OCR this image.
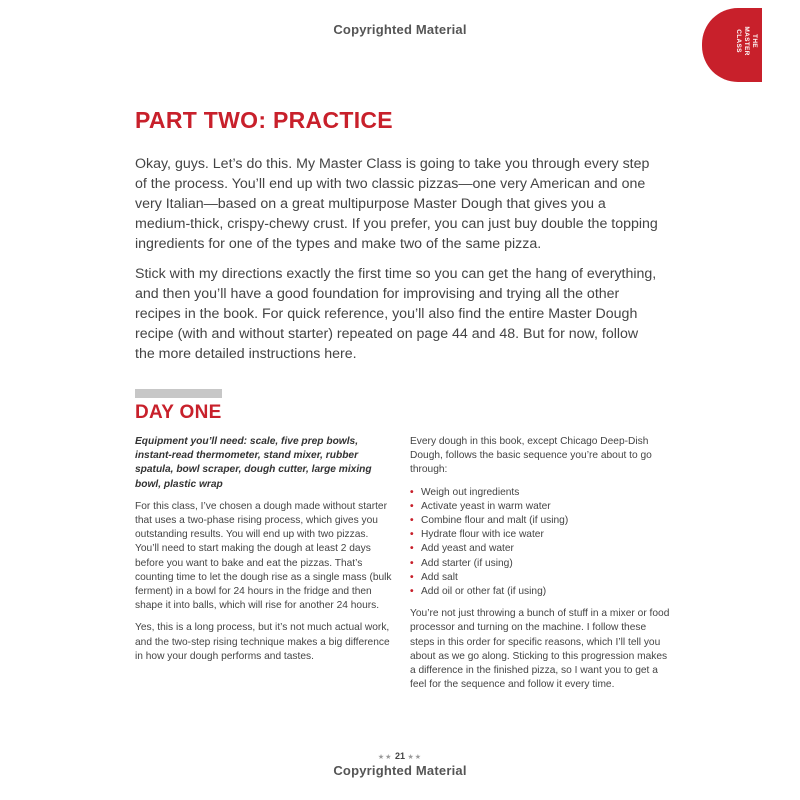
Copyrighted Material
THE MASTER CLASS
PART TWO: PRACTICE

Okay, guys. Let’s do this. My Master Class is going to take you through every step of the process. You’ll end up with two classic pizzas—one very American and one very Italian—based on a great multipurpose Master Dough that gives you a medium-thick, crispy-chewy crust. If you prefer, you can just buy double the topping ingredients for one of the types and make two of the same pizza.

Stick with my directions exactly the first time so you can get the hang of everything, and then you’ll have a good foundation for improvising and trying all the other recipes in the book. For quick reference, you’ll also find the entire Master Dough recipe (with and without starter) repeated on page 44 and 48. But for now, follow the more detailed instructions here.

DAY ONE

Equipment you’ll need: scale, five prep bowls, instant-read thermometer, stand mixer, rubber spatula, bowl scraper, dough cutter, large mixing bowl, plastic wrap

For this class, I’ve chosen a dough made without starter that uses a two-phase rising process, which gives you outstanding results. You will end up with two pizzas. You’ll need to start making the dough at least 2 days before you want to bake and eat the pizzas. That’s counting time to let the dough rise as a single mass (bulk ferment) in a bowl for 24 hours in the fridge and then shape it into balls, which will rise for another 24 hours.

Yes, this is a long process, but it’s not much actual work, and the two-step rising technique makes a big difference in how your dough performs and tastes.

Every dough in this book, except Chicago Deep-Dish Dough, follows the basic sequence you’re about to go through:

• Weigh out ingredients
• Activate yeast in warm water
• Combine flour and malt (if using)
• Hydrate flour with ice water
• Add yeast and water
• Add starter (if using)
• Add salt
• Add oil or other fat (if using)

You’re not just throwing a bunch of stuff in a mixer or food processor and turning on the machine. I follow these steps in this order for specific reasons, which I’ll tell you about as we go along. Sticking to this progression makes a difference in the finished pizza, so I want you to get a feel for the sequence and follow it every time.

★★ 21 ★★
Copyrighted Material
